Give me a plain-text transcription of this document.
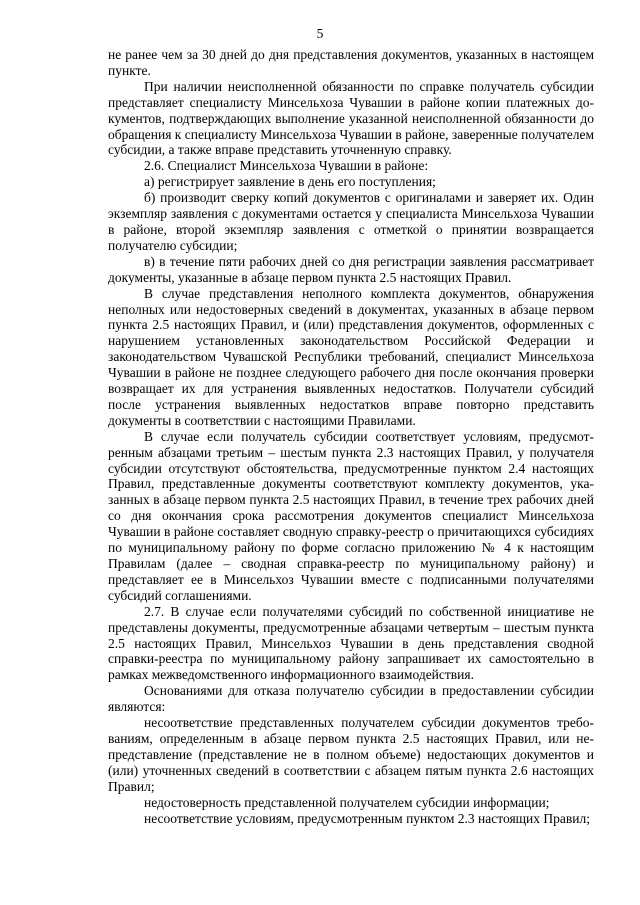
5

не ранее чем за 30 дней до дня представления документов, указанных в настоящем пункте.

При наличии неисполненной обязанности по справке получатель субсидии представляет специалисту Минсельхоза Чувашии в районе копии платежных документов, подтверждающих выполнение указанной неисполненной обязанности до обращения к специалисту Минсельхоза Чувашии в районе, заверенные получателем субсидии, а также вправе представить уточненную справку.

2.6. Специалист Минсельхоза Чувашии в районе:

а) регистрирует заявление в день его поступления;

б) производит сверку копий документов с оригиналами и заверяет их. Один экземпляр заявления с документами остается у специалиста Минсельхоза Чувашии в районе, второй экземпляр заявления с отметкой о принятии возвращается получателю субсидии;

в) в течение пяти рабочих дней со дня регистрации заявления рассматривает документы, указанные в абзаце первом пункта 2.5 настоящих Правил.

В случае представления неполного комплекта документов, обнаружения неполных или недостоверных сведений в документах, указанных в абзаце первом пункта 2.5 настоящих Правил, и (или) представления документов, оформленных с нарушением установленных законодательством Российской Федерации и законодательством Чувашской Республики требований, специалист Минсельхоза Чувашии в районе не позднее следующего рабочего дня после окончания проверки возвращает их для устранения выявленных недостатков. Получатели субсидий после устранения выявленных недостатков вправе повторно представить документы в соответствии с настоящими Правилами.

В случае если получатель субсидии соответствует условиям, предусмотренным абзацами третьим – шестым пункта 2.3 настоящих Правил, у получателя субсидии отсутствуют обстоятельства, предусмотренные пунктом 2.4 настоящих Правил, представленные документы соответствуют комплекту документов, указанных в абзаце первом пункта 2.5 настоящих Правил, в течение трех рабочих дней со дня окончания срока рассмотрения документов специалист Минсельхоза Чувашии в районе составляет сводную справку-реестр о причитающихся субсидиях по муниципальному району по форме согласно приложению № 4 к настоящим Правилам (далее – сводная справка-реестр по муниципальному району) и представляет ее в Минсельхоз Чувашии вместе с подписанными получателями субсидий соглашениями.

2.7. В случае если получателями субсидий по собственной инициативе не представлены документы, предусмотренные абзацами четвертым – шестым пункта 2.5 настоящих Правил, Минсельхоз Чувашии в день представления сводной справки-реестра по муниципальному району запрашивает их самостоятельно в рамках межведомственного информационного взаимодействия.

Основаниями для отказа получателю субсидии в предоставлении субсидии являются:

несоответствие представленных получателем субсидии документов требованиям, определенным в абзаце первом пункта 2.5 настоящих Правил, или непредставление (представление не в полном объеме) недостающих документов и (или) уточненных сведений в соответствии с абзацем пятым пункта 2.6 настоящих Правил;

недостоверность представленной получателем субсидии информации;

несоответствие условиям, предусмотренным пунктом 2.3 настоящих Правил;
